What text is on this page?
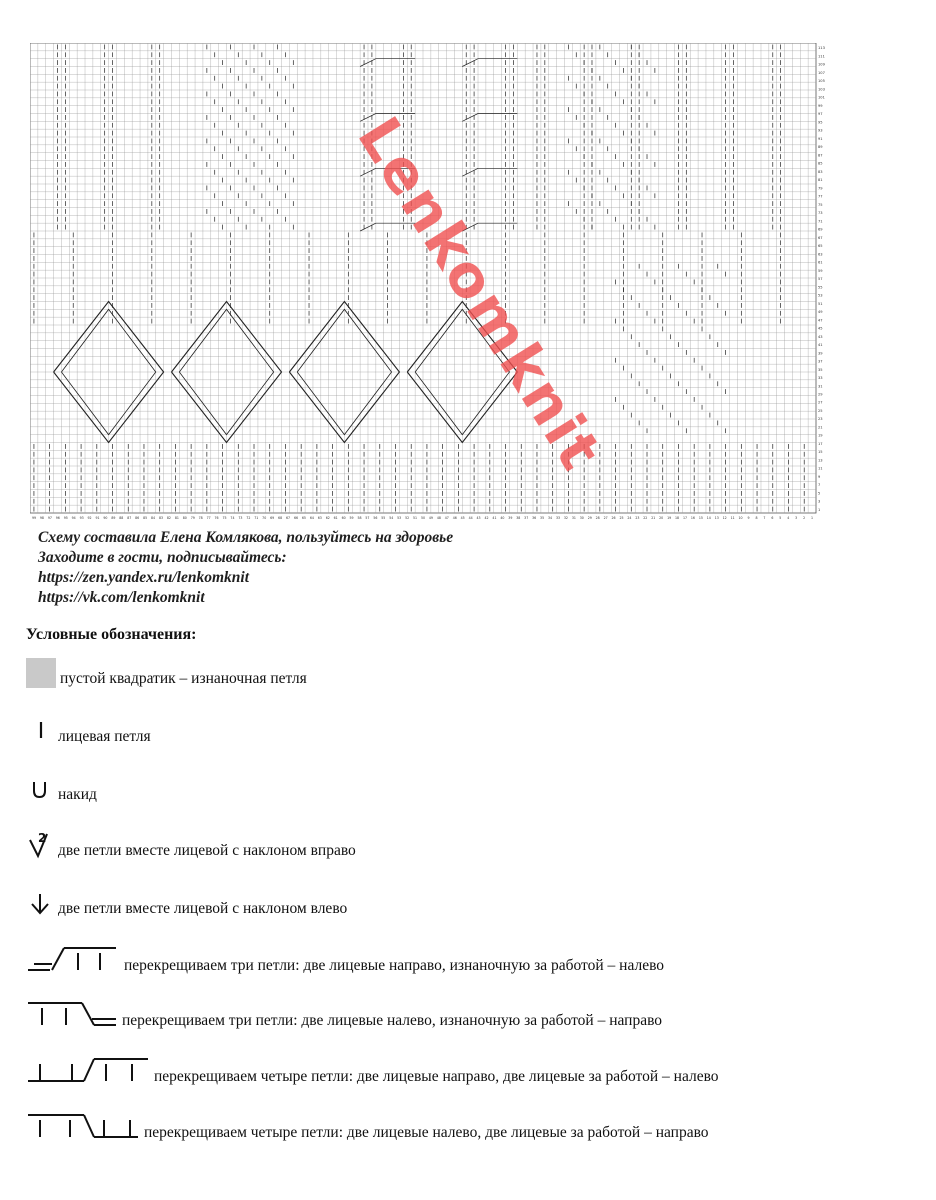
113
111
109
107
105
103
101
99
97
95
93
91
89
87
85
83
81
79
77
75
73
71
69
67
65
63
61
59
57
55
53
51
49
47
45
43
41
39
37
35
33
31
29
27
25
23
21
19
17
15
13
11
9
7
5
3
1
99 98 97 96 95 94 93 92 91 90 89 88 87 86 85 84 83 82 81 80 79 78 77 76 75 74 73 72 71 70 69 68 67 66 65 64 63 62 61 60 59 58 57 56 55 54 53 52 51 50 49 48 47 46 45 44 43 42 41 40 39 38 37 36 35 34 33 32 31 30 29 28 27 26 25 24 23 22 21 20 19 18 17 16 15 14 13 12 11 10 9 8 7 6 5 4 3 2 1
Lenkomknit
Схему составила Елена Комлякова, пользуйтесь на здоровье
Заходите в гости, подписывайтесь:
https://zen.yandex.ru/lenkomknit
https://vk.com/lenkomknit
Условные обозначения:
пустой квадратик – изнаночная петля
лицевая петля
накид
2
две петли вместе лицевой с наклоном вправо
две петли вместе лицевой с наклоном влево
перекрещиваем три петли: две лицевые направо, изнаночную за работой – налево
перекрещиваем три петли: две лицевые налево, изнаночную за работой – направо
перекрещиваем четыре петли: две лицевые направо, две лицевые за работой – налево
перекрещиваем четыре петли: две лицевые налево, две лицевые за работой – направо
